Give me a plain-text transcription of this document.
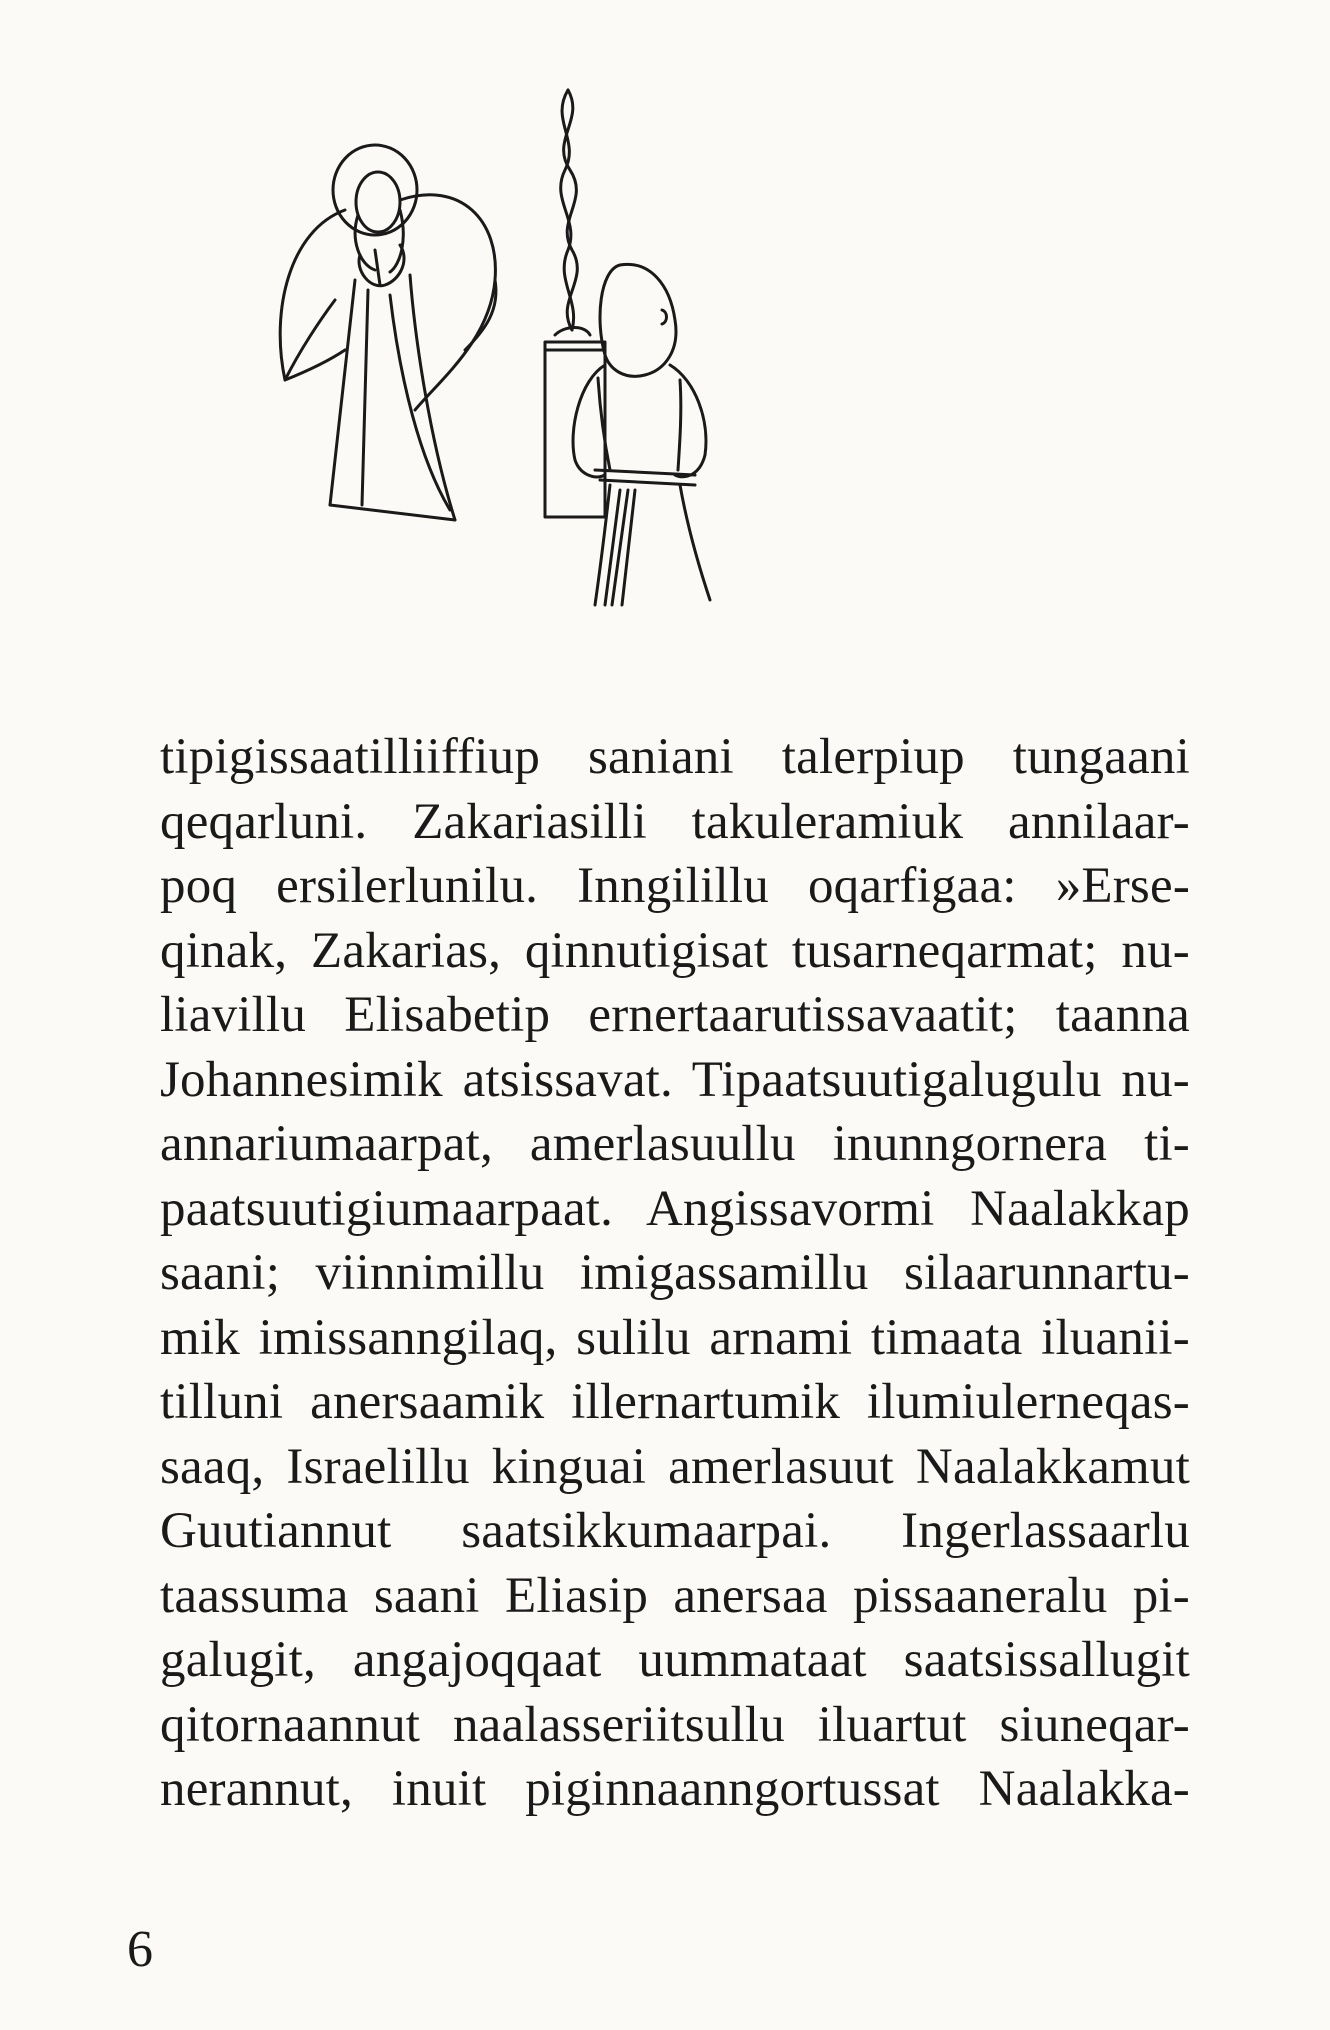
tipigissaatilliiffiup saniani talerpiup tungaani
qeqarluni. Zakariasilli takuleramiuk annilaar-
poq ersilerlunilu. Inngilillu oqarfigaa: »Erse-
qinak, Zakarias, qinnutigisat tusarneqarmat; nu-
liavillu Elisabetip ernertaarutissavaatit; taanna
Johannesimik atsissavat. Tipaatsuutigalugulu nu-
annariumaarpat, amerlasuullu inunngornera ti-
paatsuutigiumaarpaat. Angissavormi Naalakkap
saani; viinnimillu imigassamillu silaarunnartu-
mik imissanngilaq, sulilu arnami timaata iluanii-
tilluni anersaamik illernartumik ilumiulerneqas-
saaq, Israelillu kinguai amerlasuut Naalakkamut
Guutiannut saatsikkumaarpai. Ingerlassaarlu
taassuma saani Eliasip anersaa pissaaneralu pi-
galugit, angajoqqaat uummataat saatsissallugit
qitornaannut naalasseriitsullu iluartut siuneqar-
nerannut, inuit piginnaanngortussat Naalakka-
6
